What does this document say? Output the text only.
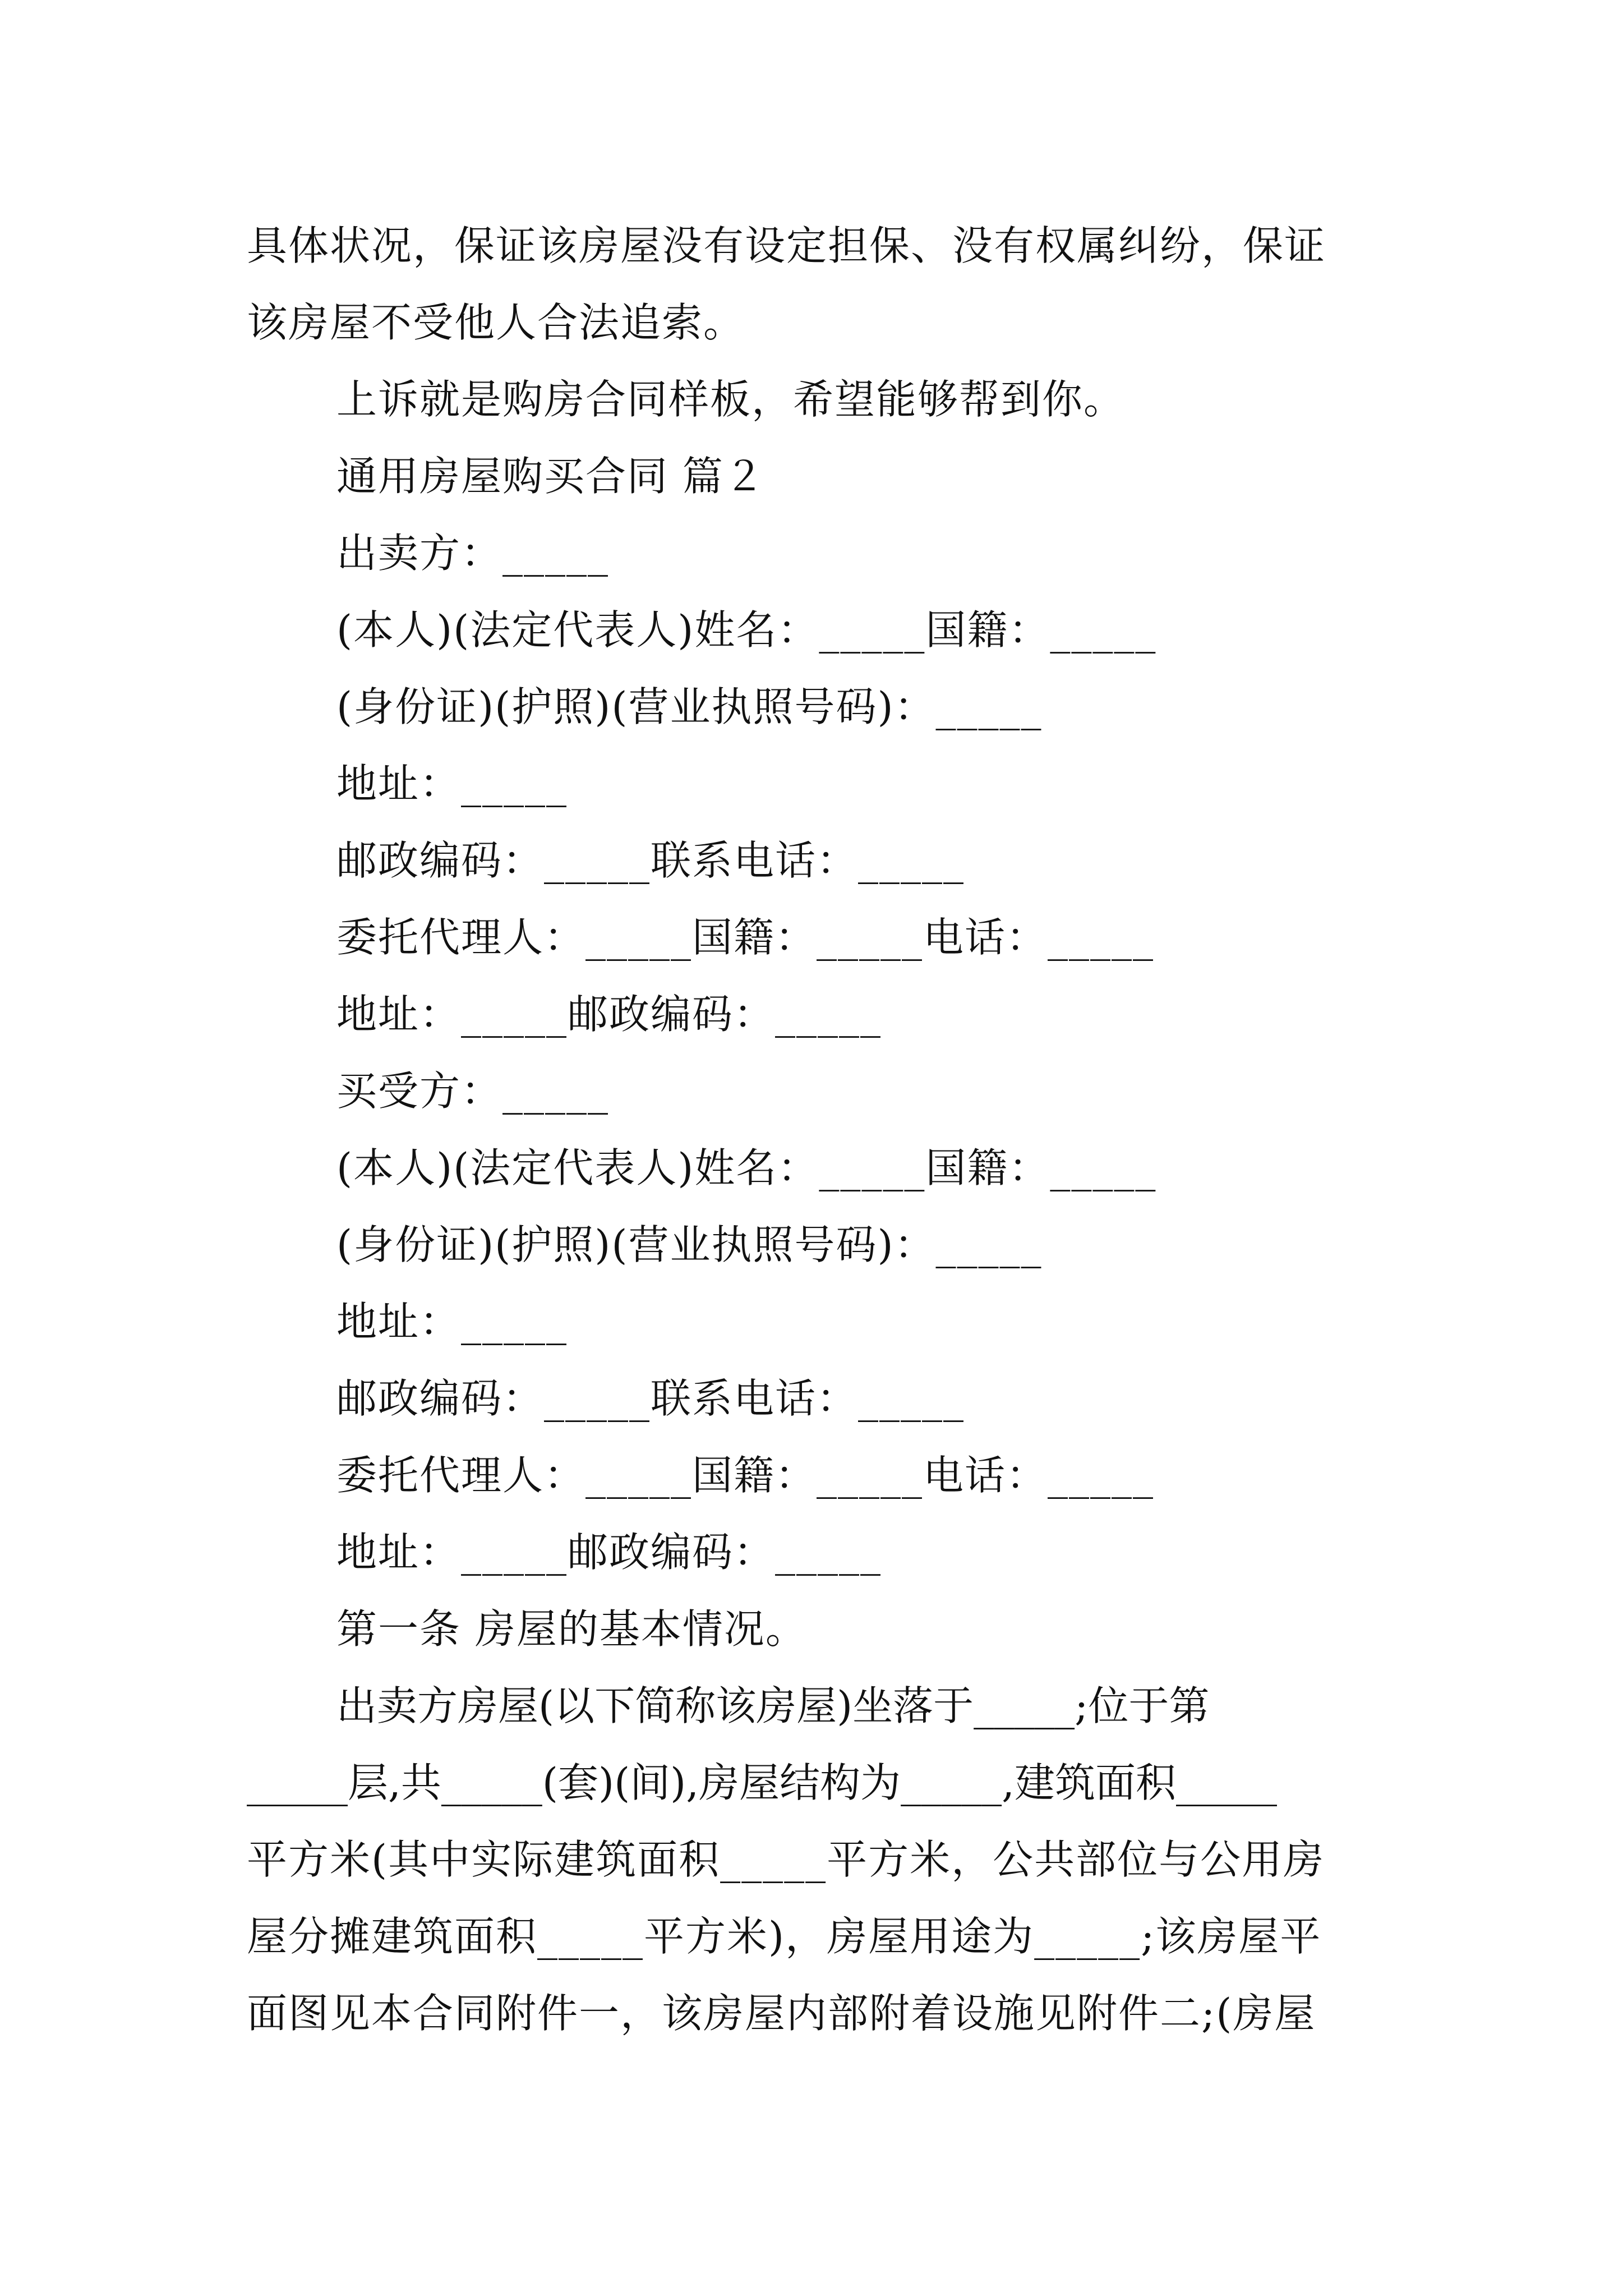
具体状况，保证该房屋没有设定担保、没有权属纠纷，保证
该房屋不受他人合法追索。
上诉就是购房合同样板，希望能够帮到你。
通用房屋购买合同 篇２
出卖方：_____
(本人)(法定代表人)姓名：_____国籍：_____
(身份证)(护照)(营业执照号码)：_____
地址：_____
邮政编码：_____联系电话：_____
委托代理人：_____国籍：_____电话：_____
地址：_____邮政编码：_____
买受方：_____
(本人)(法定代表人)姓名：_____国籍：_____
(身份证)(护照)(营业执照号码)：_____
地址：_____
邮政编码：_____联系电话：_____
委托代理人：_____国籍：_____电话：_____
地址：_____邮政编码：_____
第一条 房屋的基本情况。
出卖方房屋(以下简称该房屋)坐落于_____;位于第
_____层,共_____(套)(间),房屋结构为_____,建筑面积_____
平方米(其中实际建筑面积_____平方米，公共部位与公用房
屋分摊建筑面积_____平方米)，房屋用途为_____;该房屋平
面图见本合同附件一，该房屋内部附着设施见附件二;(房屋
